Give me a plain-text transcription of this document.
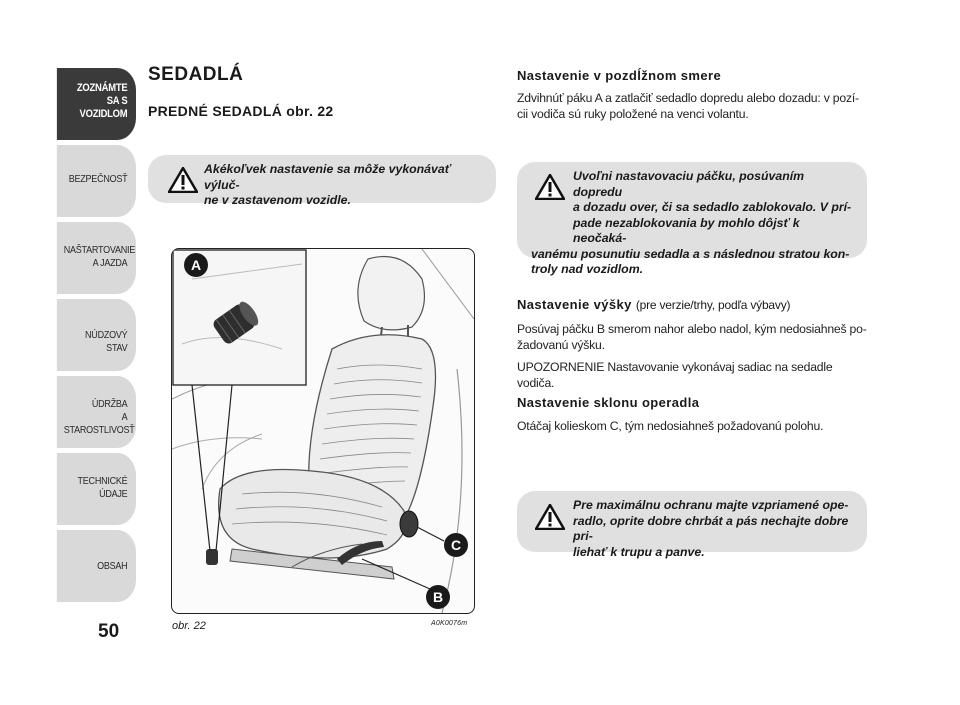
ZOZNÁMTE
SA S VOZIDLOM
BEZPEČNOSŤ
NAŠTARTOVANIE
A JAZDA
NÚDZOVÝ STAV
ÚDRŽBA
A STAROSTLIVOSŤ
TECHNICKÉ
ÚDAJE
OBSAH
50
SEDADLÁ
PREDNÉ SEDADLÁ obr. 22

Akékoľvek nastavenie sa môže vykonávať výluč-

ne v zastavenom vozidle.

A
C
B
obr. 22	A0K0076m
Nastavenie v pozdĺžnom smere
Zdvihnúť páku A a zatlačiť sedadlo dopredu alebo dozadu: v pozí-
cii vodiča sú ruky položené na venci volantu.

Uvoľni nastavovaciu páčku, posúvaním dopredu

a dozadu over, či sa sedadlo zablokovalo. V prí-

pade nezablokovania by mohlo dôjsť k neočaká-

vanému posunutiu sedadla a s následnou stratou kon-

troly nad vozidlom.

Nastavenie výšky (pre verzie/trhy, podľa výbavy)
Posúvaj páčku B smerom nahor alebo nadol, kým nedosiahneš po-
žadovanú výšku.
UPOZORNENIE Nastavovanie vykonávaj sadiac na sedadle vodiča.
Nastavenie sklonu operadla
Otáčaj kolieskom C, tým nedosiahneš požadovanú polohu.

Pre maximálnu ochranu majte vzpriamené ope-

radlo, oprite dobre chrbát a pás nechajte dobre pri-

liehať k trupu a panve.
